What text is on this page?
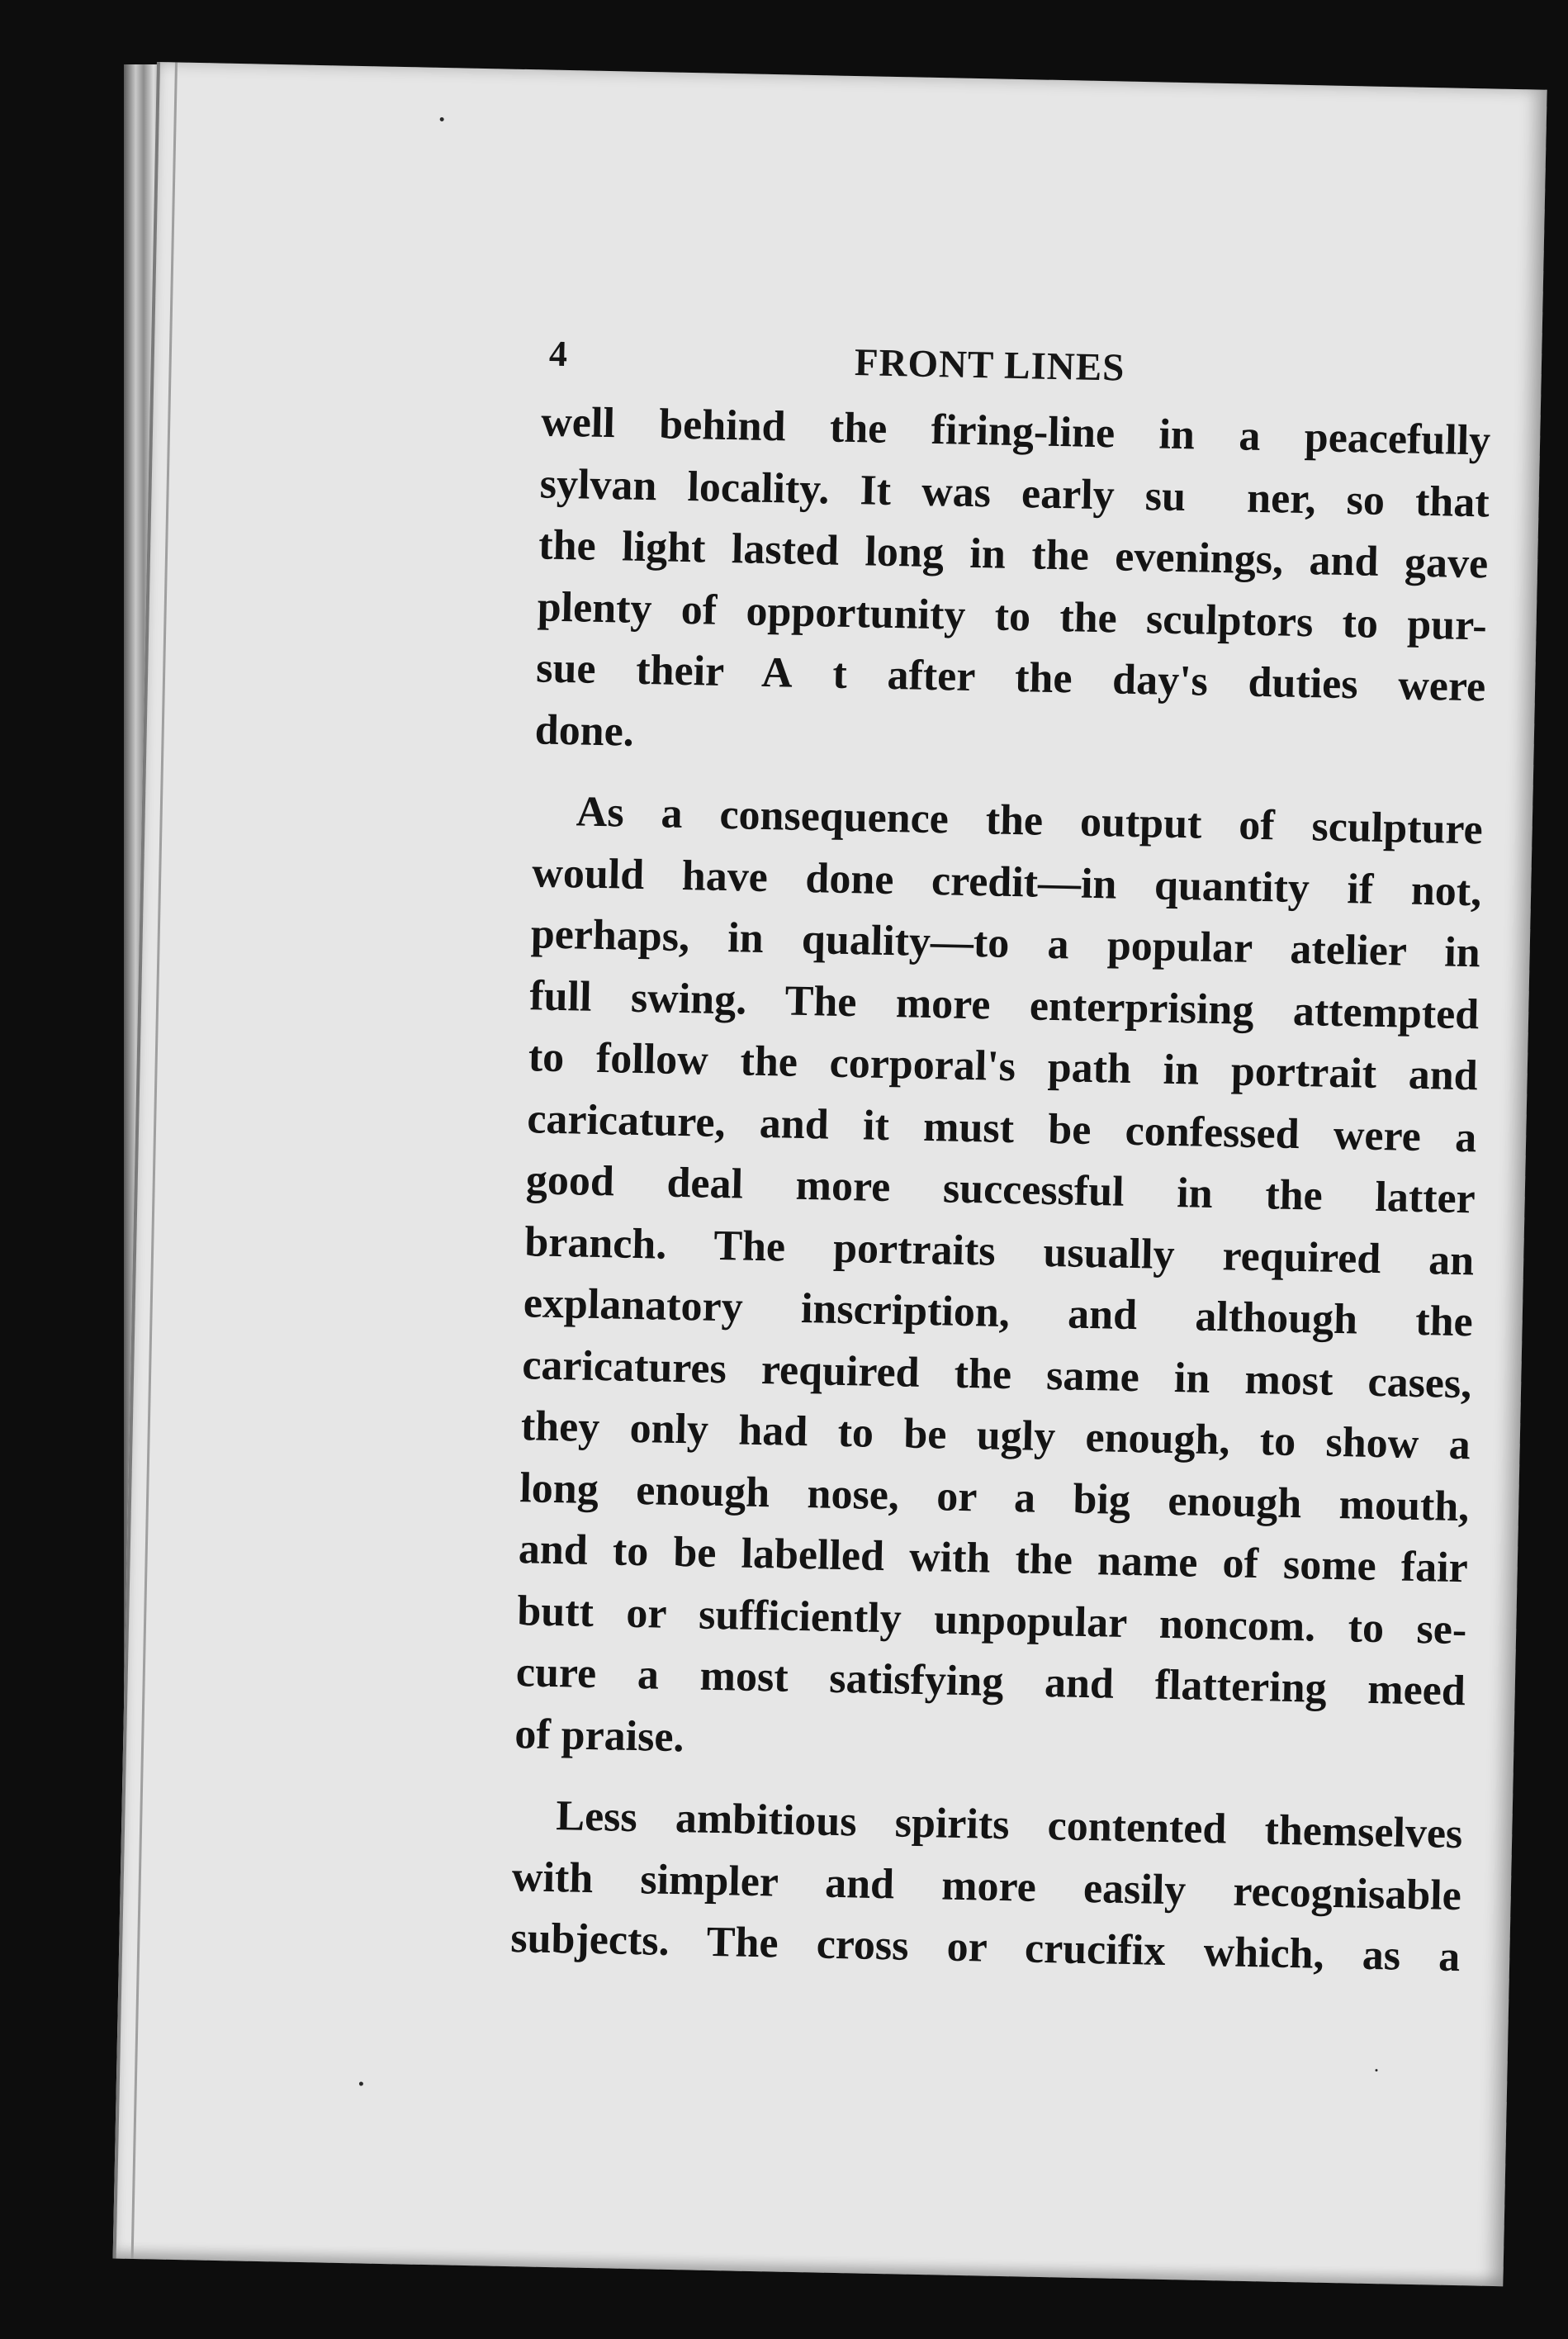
4	FRONT LINES
well behind the firing-line in a peacefully
sylvan locality. It was early su  ner, so that
the light lasted long in the evenings, and gave
plenty of opportunity to the sculptors to pur-
sue their A t after the day's duties were
done.
As a consequence the output of sculpture
would have done credit—in quantity if not,
perhaps, in quality—to a popular atelier in
full swing. The more enterprising attempted
to follow the corporal's path in portrait and
caricature, and it must be confessed were a
good deal more successful in the latter
branch. The portraits usually required an
explanatory inscription, and although the
caricatures required the same in most cases,
they only had to be ugly enough, to show a
long enough nose, or a big enough mouth,
and to be labelled with the name of some fair
butt or sufficiently unpopular noncom. to se-
cure a most satisfying and flattering meed
of praise.
Less ambitious spirits contented themselves
with simpler and more easily recognisable
subjects. The cross or crucifix which, as a
